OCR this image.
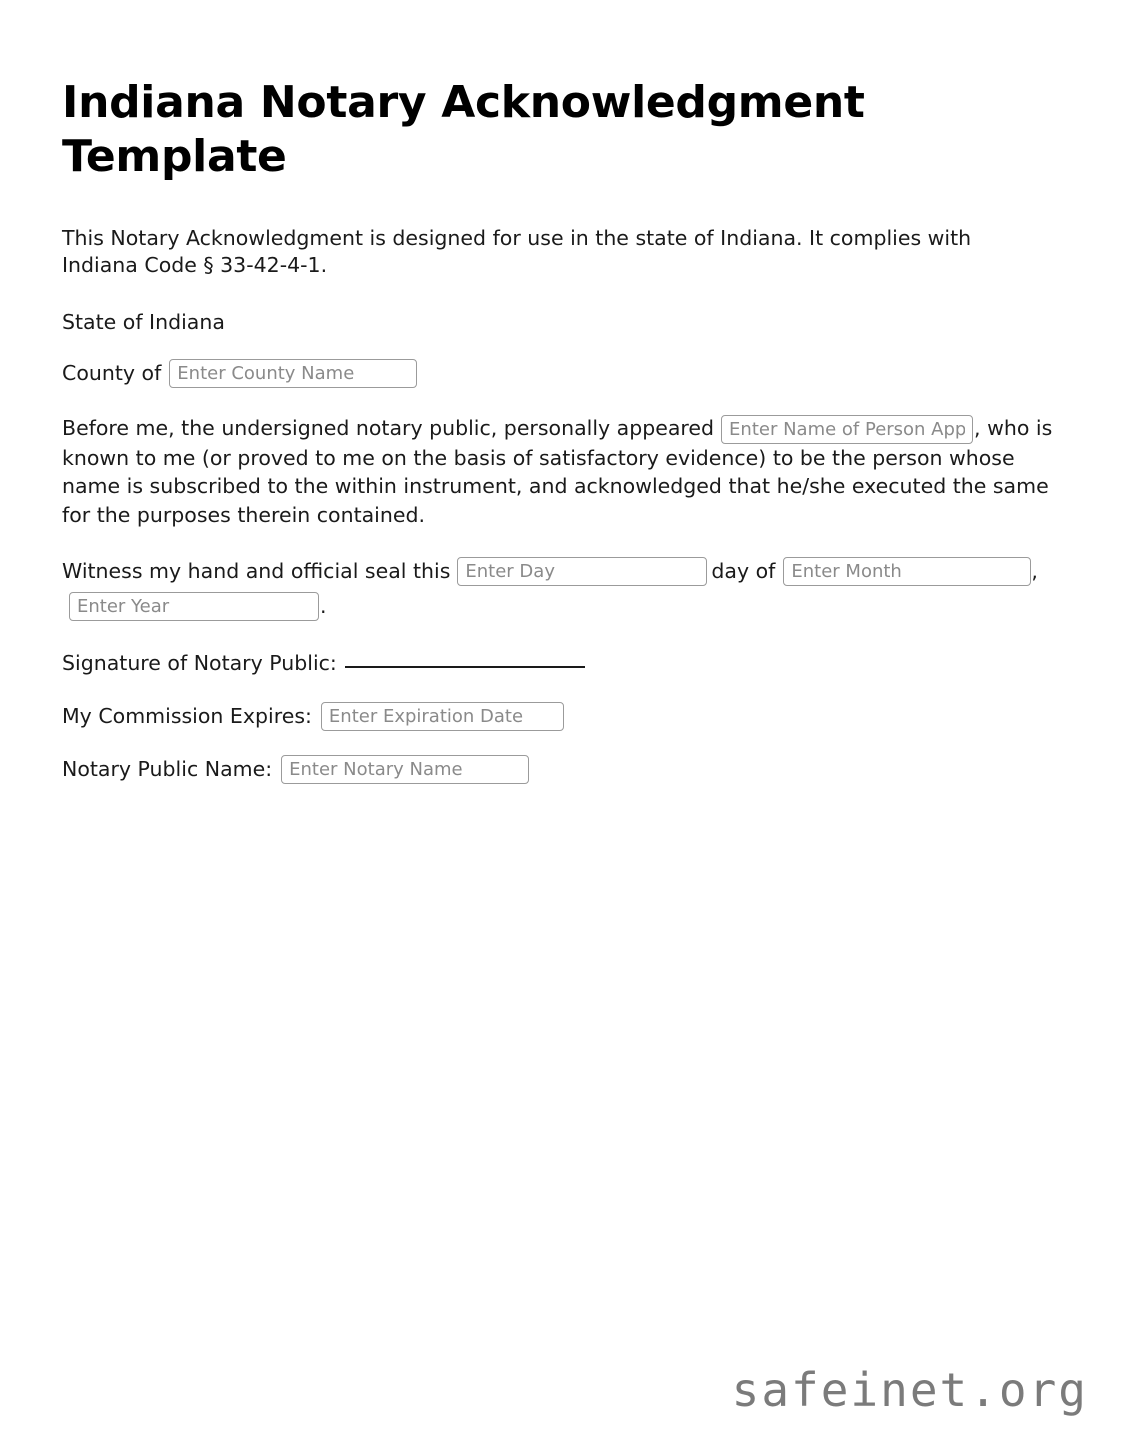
Indiana Notary Acknowledgment Template

This Notary Acknowledgment is designed for use in the state of Indiana. It complies with Indiana Code § 33-42-4-1.

State of Indiana
County of
Enter County Name
Before me, the undersigned notary public, personally appearedEnter Name of Person Appearing	, who is known to me (or proved to me on the basis of satisfactory evidence) to be the person whose name is subscribed to the within instrument, and acknowledged that he/she executed the same for the purposes therein contained.
Witness my hand and official seal thisEnter Day	day ofEnter Month	,Enter Year.
Signature of Notary Public:
My Commission Expires:
Enter Expiration Date
Notary Public Name:
Enter Notary Name
safeinet.org
